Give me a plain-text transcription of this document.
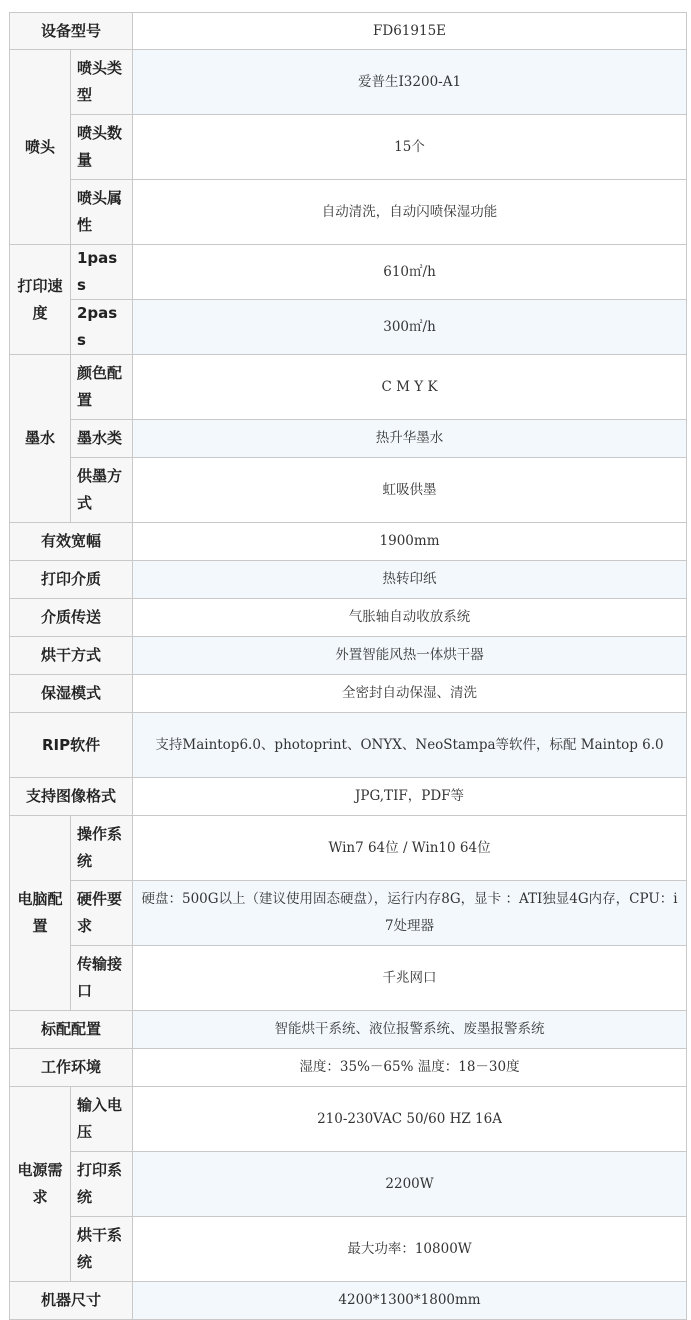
设备型号		FD61915E
喷头	喷头类型	爱普生I3200-A1
	喷头数量	15个
	喷头属性	自动清洗，自动闪喷保湿功能
打印速度	1pass	610㎡/h
	2pass	300㎡/h
墨水	颜色配置	C M Y K
	墨水类	热升华墨水
	供墨方式	虹吸供墨
有效宽幅		1900mm
打印介质		热转印纸
介质传送		气胀轴自动收放系统
烘干方式		外置智能风热一体烘干器
保湿模式		全密封自动保湿、清洗
RIP软件		支持Maintop6.0、photoprint、ONYX、NeoStampa等软件，标配 Maintop 6.0
支持图像格式		JPG,TIF，PDF等
电脑配置	操作系统	Win7 64位 / Win10 64位
	硬件要求	硬盘：500G以上（建议使用固态硬盘），运行内存8G，显卡 ：ATI独显4G内存，CPU：i7处理器
	传输接口	千兆网口
标配配置		智能烘干系统、液位报警系统、废墨报警系统
工作环境		湿度：35%－65% 温度：18－30度
电源需求	输入电压	210-230VAC 50/60 HZ 16A
	打印系统	2200W
	烘干系统	最大功率：10800W
机器尺寸		4200*1300*1800mm
